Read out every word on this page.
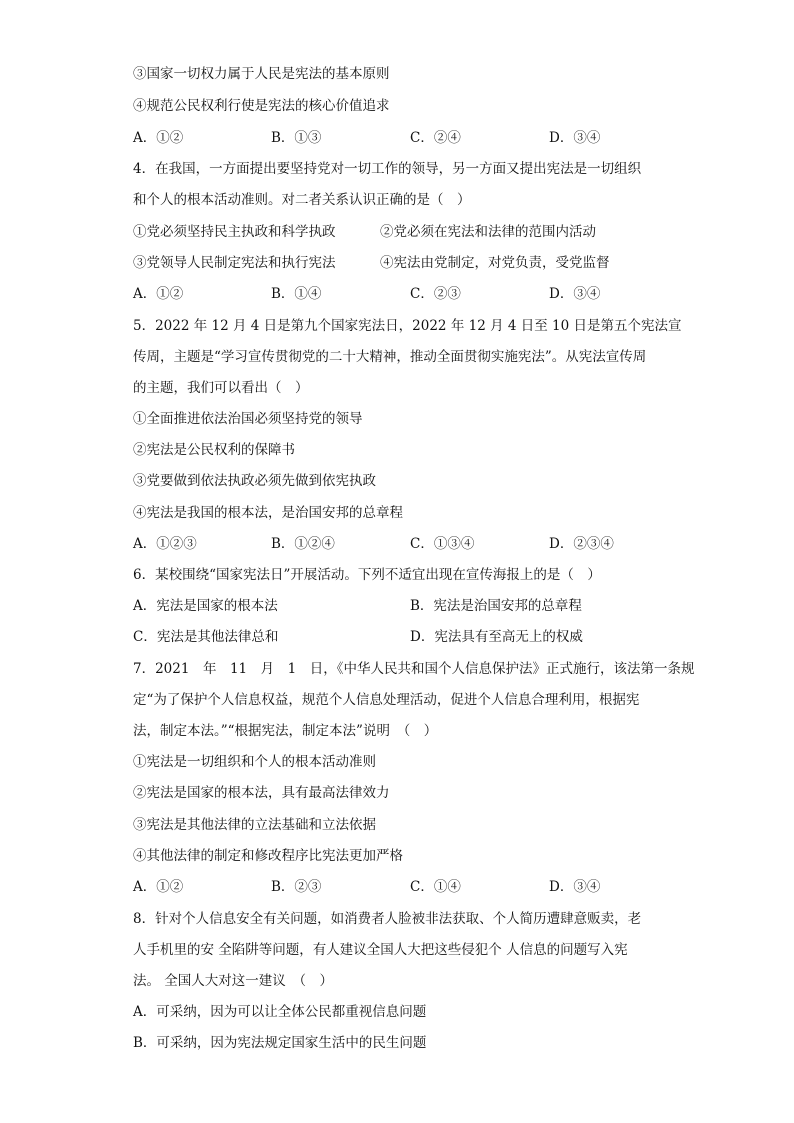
③国家一切权力属于人民是宪法的基本原则
④规范公民权利行使是宪法的核心价值追求
A．①②	B．①③	C．②④	D．③④
4．在我国，一方面提出要坚持党对一切工作的领导，另一方面又提出宪法是一切组织
和个人的根本活动准则。对二者关系认识正确的是（　）
①党必须坚持民主执政和科学执政	②党必须在宪法和法律的范围内活动
③党领导人民制定宪法和执行宪法	④宪法由党制定，对党负责，受党监督
A．①②	B．①④	C．②③	D．③④
5．2022 年 12 月 4 日是第九个国家宪法日，2022 年 12 月 4 日至 10 日是第五个宪法宣
传周，主题是“学习宣传贯彻党的二十大精神，推动全面贯彻实施宪法”。从宪法宣传周
的主题，我们可以看出（　）
①全面推进依法治国必须坚持党的领导
②宪法是公民权利的保障书
③党要做到依法执政必须先做到依宪执政
④宪法是我国的根本法，是治国安邦的总章程
A．①②③	B．①②④	C．①③④	D．②③④
6．某校围绕“国家宪法日”开展活动。下列不适宜出现在宣传海报上的是（　）
A．宪法是国家的根本法	B．宪法是治国安邦的总章程
C．宪法是其他法律总和	D．宪法具有至高无上的权威
7．2021　年　11　月　1　日，《中华人民共和国个人信息保护法》正式施行，该法第一条规
定“为了保护个人信息权益，规范个人信息处理活动，促进个人信息合理利用，根据宪
法，制定本法。”“根据宪法，制定本法”说明　（　）
①宪法是一切组织和个人的根本活动准则
②宪法是国家的根本法，具有最高法律效力
③宪法是其他法律的立法基础和立法依据
④其他法律的制定和修改程序比宪法更加严格
A．①②	B．②③	C．①④	D．③④
8．针对个人信息安全有关问题，如消费者人脸被非法获取、个人简历遭肆意贩卖，老
人手机里的安 全陷阱等问题，有人建议全国人大把这些侵犯个 人信息的问题写入宪
法。 全国人大对这一建议　（　）
A．可采纳，因为可以让全体公民都重视信息问题
B．可采纳，因为宪法规定国家生活中的民生问题
